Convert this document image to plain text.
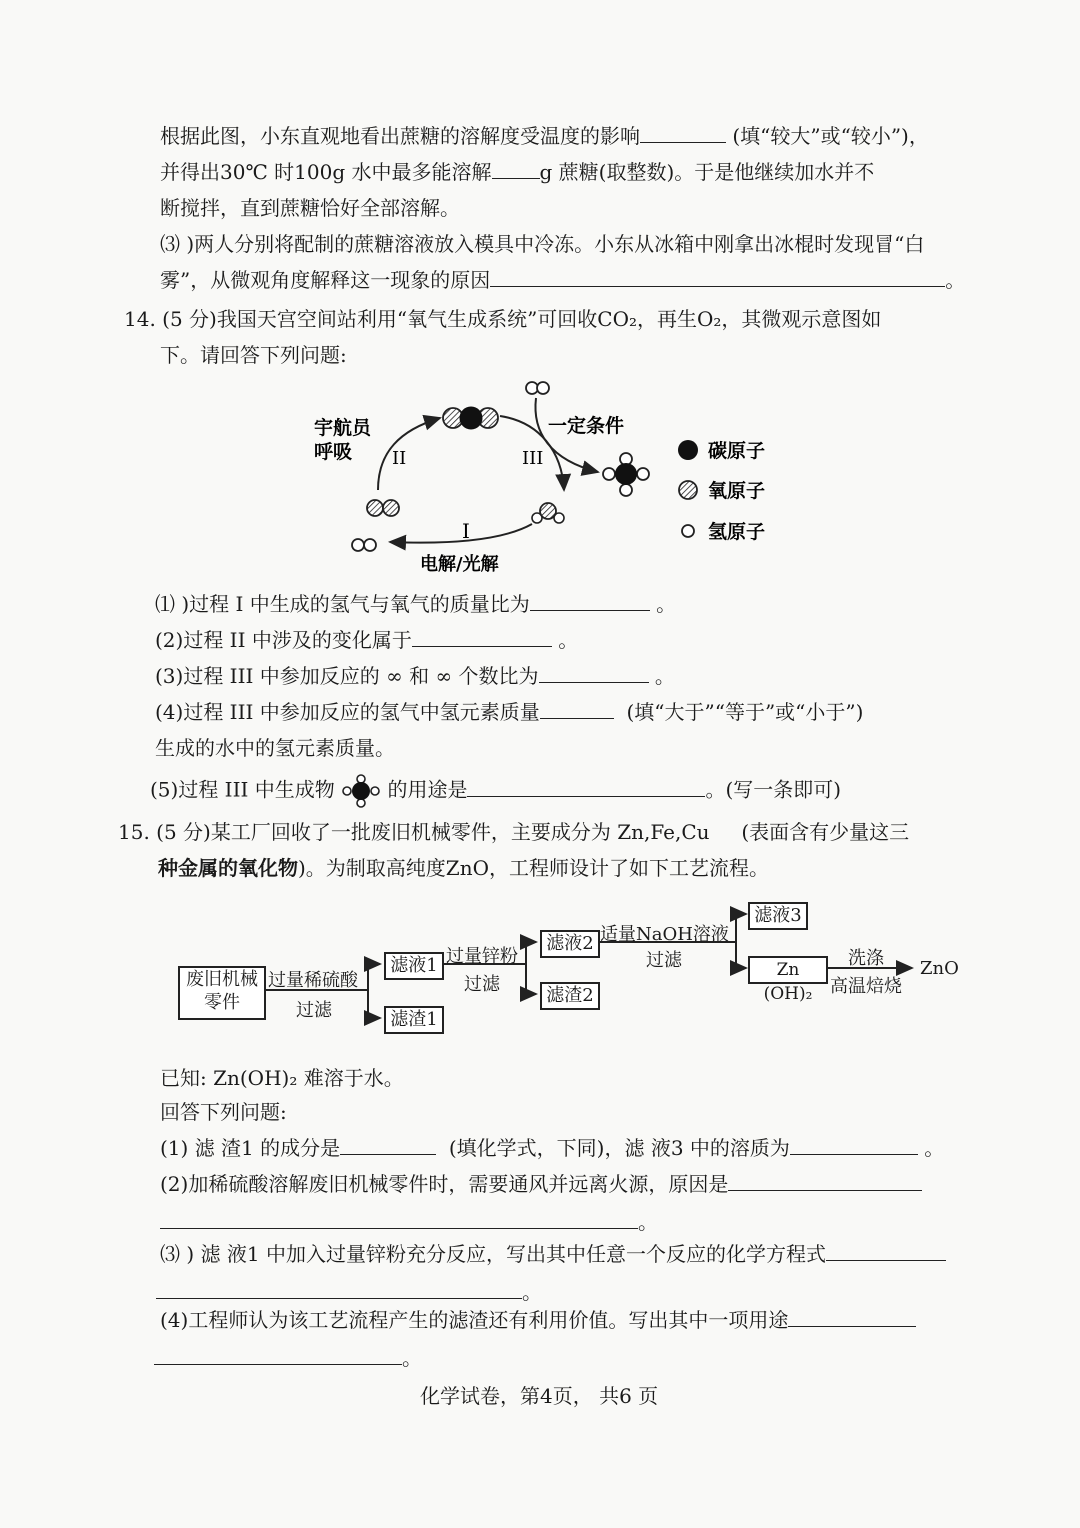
根据此图，小东直观地看出蔗糖的溶解度受温度的影响	(填“较大”或“较小”)，
并得出30℃ 时100g 水中最多能溶解 g 蔗糖(取整数)。于是他继续加水并不
断搅拌，直到蔗糖恰好全部溶解。
⑶ )两人分别将配制的蔗糖溶液放入模具中冷冻。小东从冰箱中刚拿出冰棍时发现冒“白
雾”，从微观角度解释这一现象的原因	。
14. (5 分)我国天宫空间站利用“氧气生成系统”可回收CO₂，再生O₂，其微观示意图如
下。请回答下列问题:
宇航员
呼吸 II	III
I
一定条件
电解/光解
碳原子
氧原子
氢原子
⑴ )过程 I 中生成的氢气与氧气的质量比为	。
(2)过程 II 中涉及的变化属于	。
(3)过程 III 中参加反应的 ∞ 和 ∞ 个数比为	。
(4)过程 III 中参加反应的氢气中氢元素质量	(填“大于”“等于”或“小于”)
生成的水中的氢元素质量。
(5)过程 III 中生成物	的用途是	。(写一条即可)
15. (5 分)某工厂回收了一批废旧机械零件，主要成分为 Zn,Fe,Cu (表面含有少量这三
种金属的氧化物)。为制取高纯度ZnO，工程师设计了如下工艺流程。
废旧机械零件
过量稀硫酸
过滤
滤液1
滤渣1
过量锌粉
过滤
滤液2
滤渣2
适量NaOH溶液
过滤
滤液3
Zn (OH)₂
洗涤
高温焙烧
ZnO
已知: Zn(OH)₂ 难溶于水。
回答下列问题:
(1) 滤 渣1 的成分是	(填化学式，下同)，滤 液3 中的溶质为	。
(2)加稀硫酸溶解废旧机械零件时，需要通风并远离火源，原因是
。
⑶ ) 滤 液1 中加入过量锌粉充分反应，写出其中任意一个反应的化学方程式
。
(4)工程师认为该工艺流程产生的滤渣还有利用价值。写出其中一项用途
。
化学试卷，第4页， 共6 页
